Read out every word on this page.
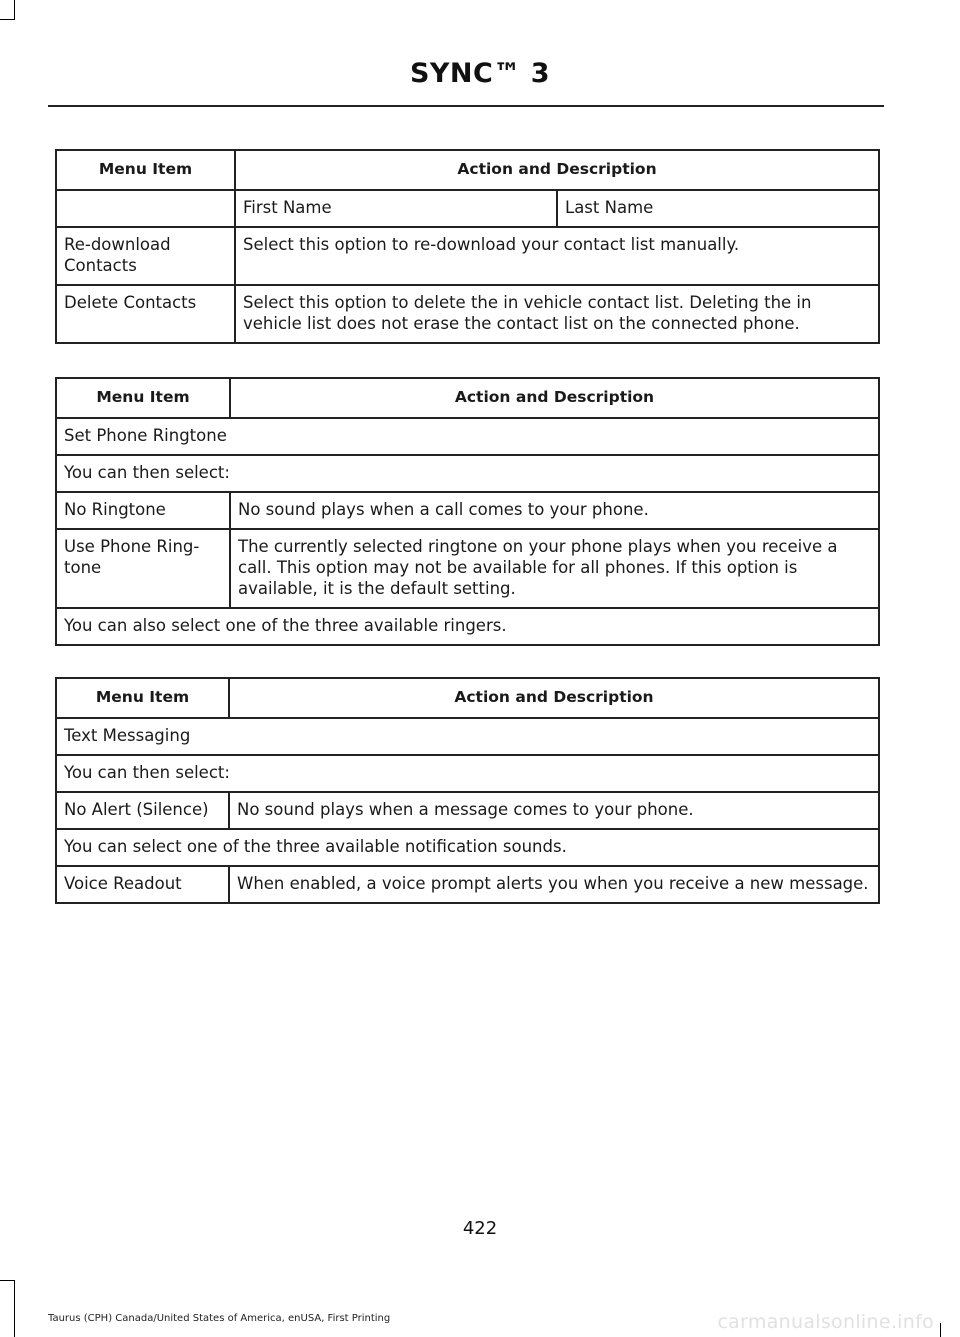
SYNC™ 3
Menu Item	Action and Description	
	First Name	Last Name
Re-download Contacts	Select this option to re-download your contact list manually.	
Delete Contacts	Select this option to delete the in vehicle contact list. Deleting the in vehicle list does not erase the contact list on the connected phone.	
Menu Item	Action and Description
Set Phone Ringtone	
You can then select:	
No Ringtone	No sound plays when a call comes to your phone.
Use Phone Ring-tone	The currently selected ringtone on your phone plays when you receive a call. This option may not be available for all phones. If this option is available, it is the default setting.
You can also select one of the three available ringers.	
Menu Item	Action and Description
Text Messaging	
You can then select:	
No Alert (Silence)	No sound plays when a message comes to your phone.
You can select one of the three available notification sounds.	
Voice Readout	When enabled, a voice prompt alerts you when you receive a new message.
422
Taurus (CPH) Canada/United States of America, enUSA, First Printing	carmanualsonline.info
